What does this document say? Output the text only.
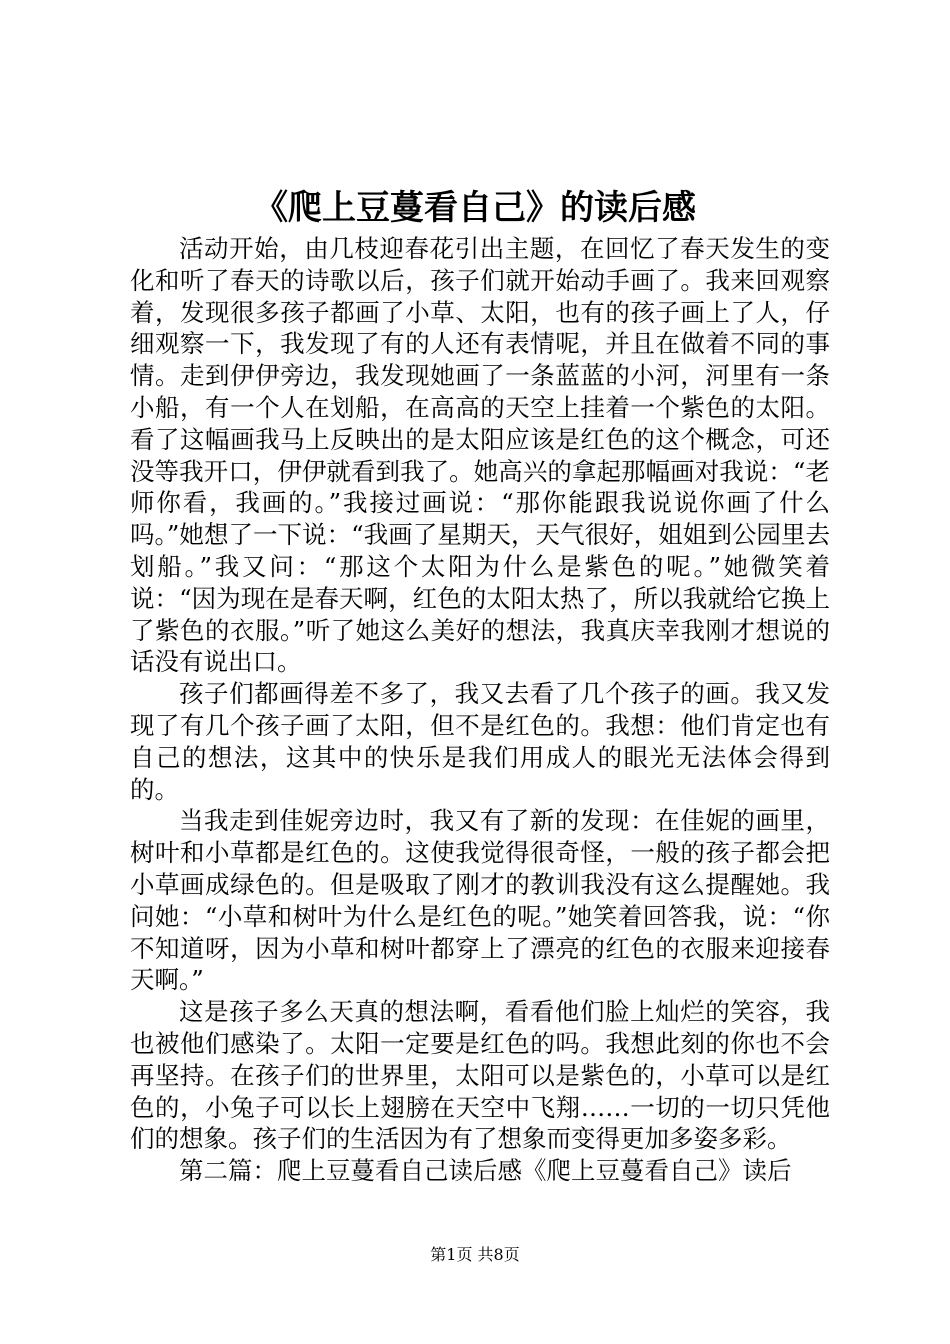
《爬上豆蔓看自己》的读后感

活动开始，由几枝迎春花引出主题，在回忆了春天发生的变化和听了春天的诗歌以后，孩子们就开始动手画了。我来回观察着，发现很多孩子都画了小草、太阳，也有的孩子画上了人，仔细观察一下，我发现了有的人还有表情呢，并且在做着不同的事情。走到伊伊旁边，我发现她画了一条蓝蓝的小河，河里有一条小船，有一个人在划船，在高高的天空上挂着一个紫色的太阳。看了这幅画我马上反映出的是太阳应该是红色的这个概念，可还没等我开口，伊伊就看到我了。她高兴的拿起那幅画对我说：“老师你看，我画的。”我接过画说：“那你能跟我说说你画了什么吗。”她想了一下说：“我画了星期天，天气很好，姐姐到公园里去划船。”我又问：“那这个太阳为什么是紫色的呢。”她微笑着说：“因为现在是春天啊，红色的太阳太热了，所以我就给它换上了紫色的衣服。”听了她这么美好的想法，我真庆幸我刚才想说的话没有说出口。

孩子们都画得差不多了，我又去看了几个孩子的画。我又发现了有几个孩子画了太阳，但不是红色的。我想：他们肯定也有自己的想法，这其中的快乐是我们用成人的眼光无法体会得到的。

当我走到佳妮旁边时，我又有了新的发现：在佳妮的画里，树叶和小草都是红色的。这使我觉得很奇怪，一般的孩子都会把小草画成绿色的。但是吸取了刚才的教训我没有这么提醒她。我问她：“小草和树叶为什么是红色的呢。”她笑着回答我，说：“你不知道呀，因为小草和树叶都穿上了漂亮的红色的衣服来迎接春天啊。”

这是孩子多么天真的想法啊，看看他们脸上灿烂的笑容，我也被他们感染了。太阳一定要是红色的吗。我想此刻的你也不会再坚持。在孩子们的世界里，太阳可以是紫色的，小草可以是红色的，小兔子可以长上翅膀在天空中飞翔……一切的一切只凭他们的想象。孩子们的生活因为有了想象而变得更加多姿多彩。

第二篇：爬上豆蔓看自己读后感《爬上豆蔓看自己》读后

第1页 共8页
